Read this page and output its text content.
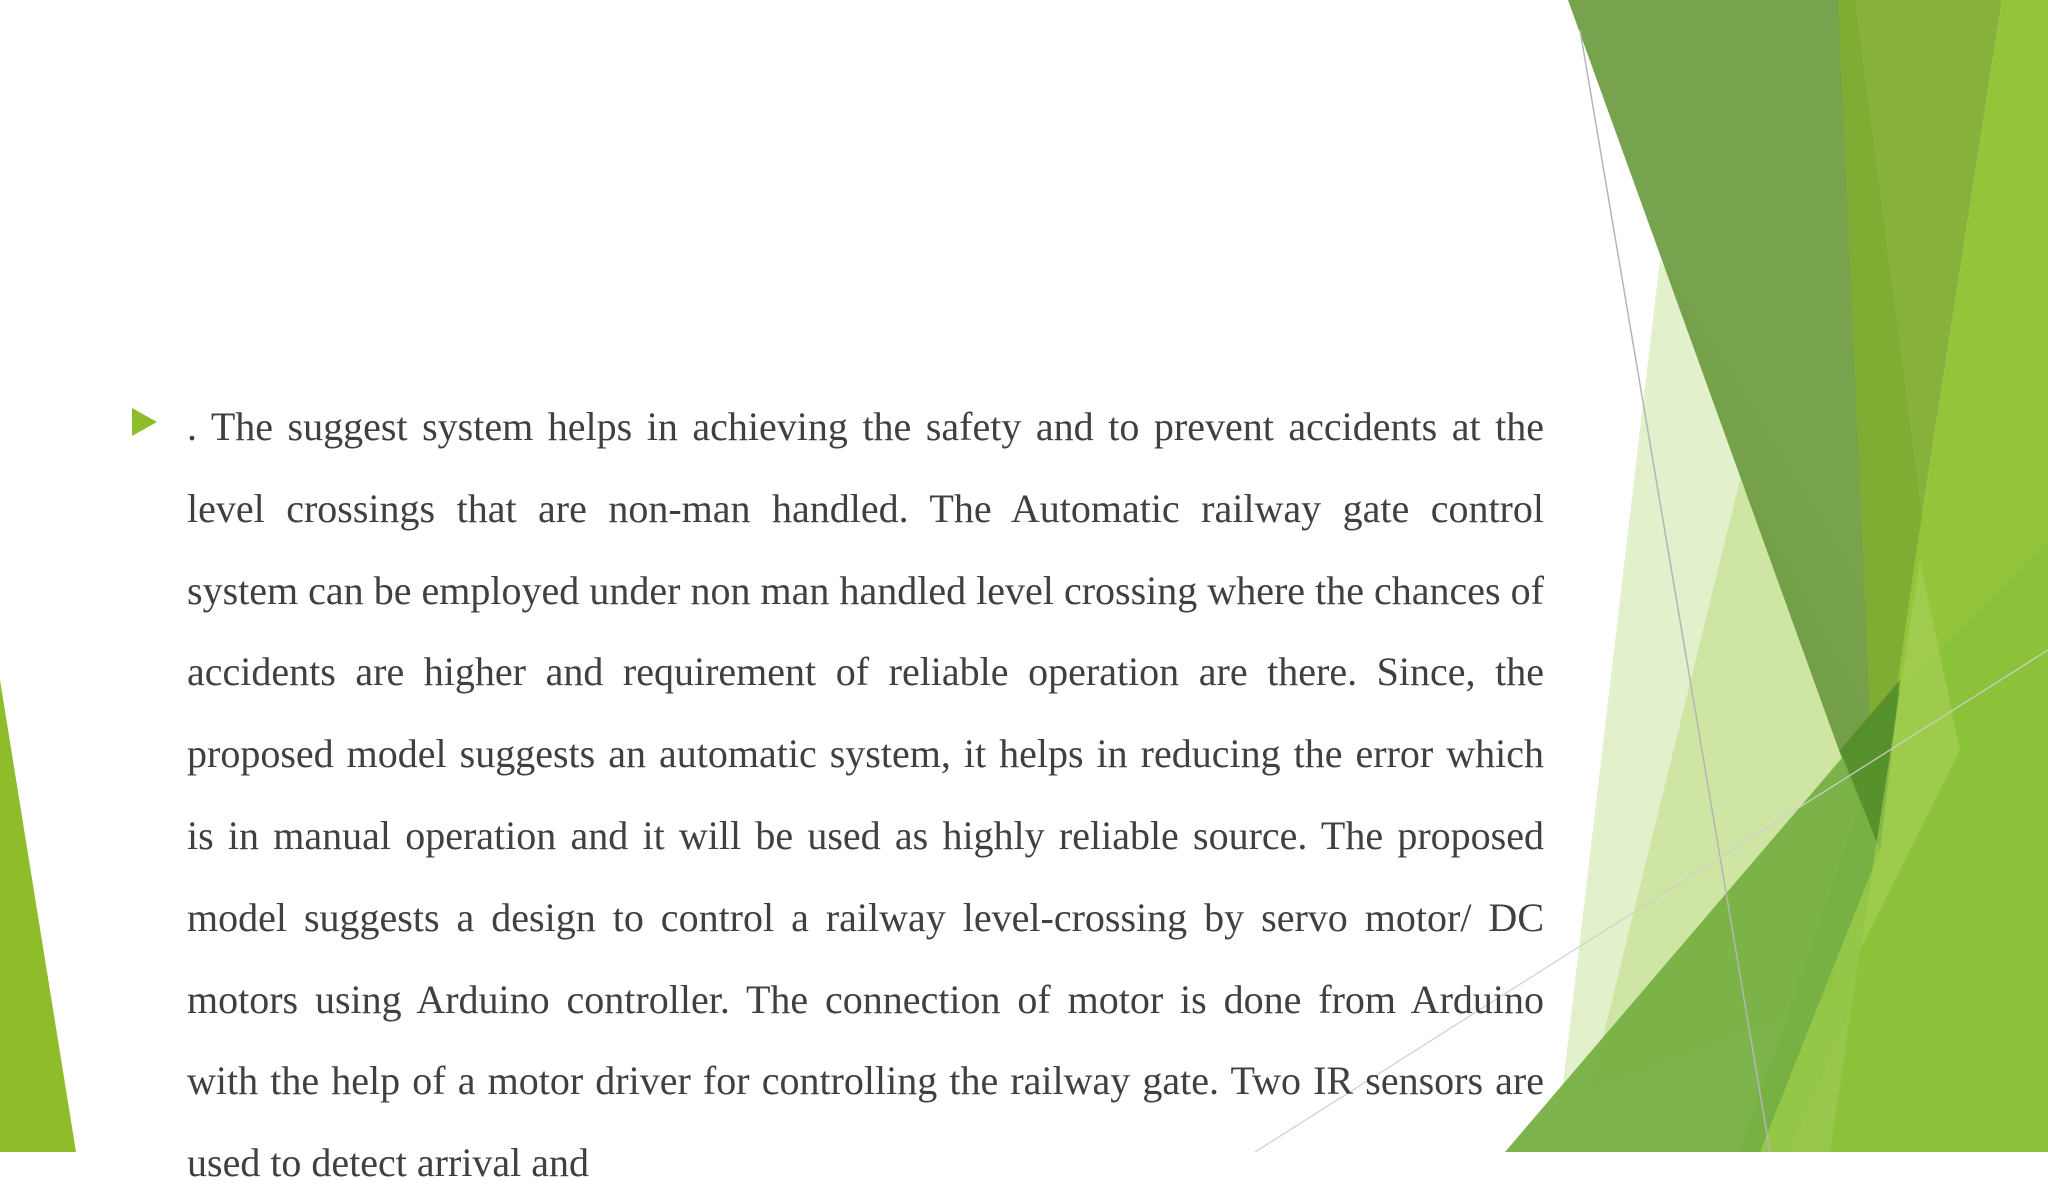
. The suggest system helps in achieving the safety and to prevent accidents at the level crossings that are non-man handled. The Automatic railway gate control system can be employed under non man handled level crossing where the chances of accidents are higher and requirement of reliable operation are there. Since, the proposed model suggests an automatic system, it helps in reducing the error which is in manual operation and it will be used as highly reliable source. The proposed model suggests a design to control a railway level-crossing by servo motor/ DC motors using Arduino controller. The connection of motor is done from Arduino with the help of a motor driver for controlling the railway gate. Two IR sensors are used to detect arrival and
